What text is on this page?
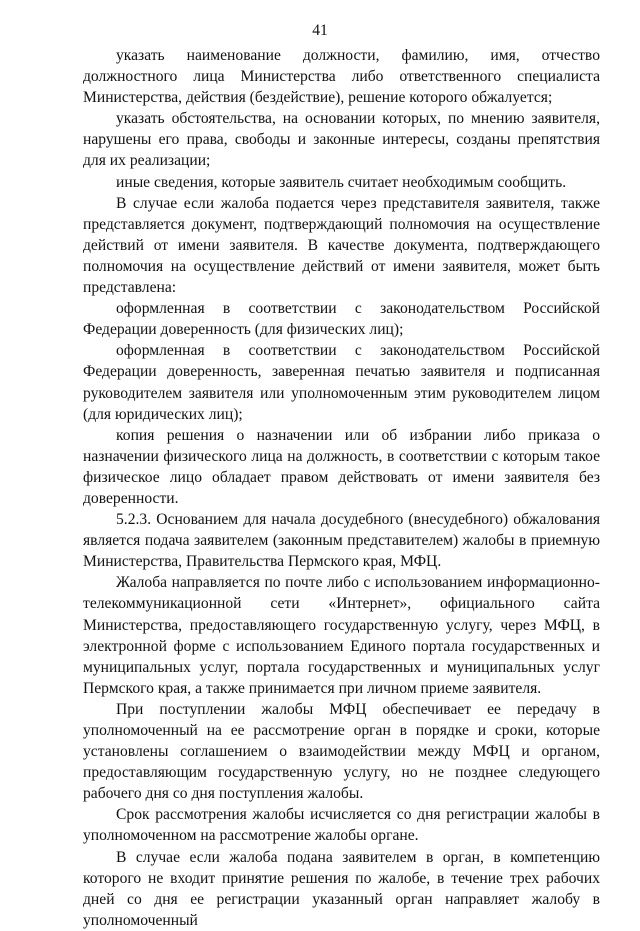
41

указать наименование должности, фамилию, имя, отчество должностного лица Министерства либо ответственного специалиста Министерства, действия (бездействие), решение которого обжалуется;

указать обстоятельства, на основании которых, по мнению заявителя, нарушены его права, свободы и законные интересы, созданы препятствия для их реализации;

иные сведения, которые заявитель считает необходимым сообщить.

В случае если жалоба подается через представителя заявителя, также представляется документ, подтверждающий полномочия на осуществление действий от имени заявителя. В качестве документа, подтверждающего полномочия на осуществление действий от имени заявителя, может быть представлена:

оформленная в соответствии с законодательством Российской Федерации доверенность (для физических лиц);

оформленная в соответствии с законодательством Российской Федерации доверенность, заверенная печатью заявителя и подписанная руководителем заявителя или уполномоченным этим руководителем лицом (для юридических лиц);

копия решения о назначении или об избрании либо приказа о назначении физического лица на должность, в соответствии с которым такое физическое лицо обладает правом действовать от имени заявителя без доверенности.

5.2.3. Основанием для начала досудебного (внесудебного) обжалования является подача заявителем (законным представителем) жалобы в приемную Министерства, Правительства Пермского края, МФЦ.

Жалоба направляется по почте либо с использованием информационно-телекоммуникационной сети «Интернет», официального сайта Министерства, предоставляющего государственную услугу, через МФЦ, в электронной форме с использованием Единого портала государственных и муниципальных услуг, портала государственных и муниципальных услуг Пермского края, а также принимается при личном приеме заявителя.

При поступлении жалобы МФЦ обеспечивает ее передачу в уполномоченный на ее рассмотрение орган в порядке и сроки, которые установлены соглашением о взаимодействии между МФЦ и органом, предоставляющим государственную услугу, но не позднее следующего рабочего дня со дня поступления жалобы.

Срок рассмотрения жалобы исчисляется со дня регистрации жалобы в уполномоченном на рассмотрение жалобы органе.

В случае если жалоба подана заявителем в орган, в компетенцию которого не входит принятие решения по жалобе, в течение трех рабочих дней со дня ее регистрации указанный орган направляет жалобу в уполномоченный
